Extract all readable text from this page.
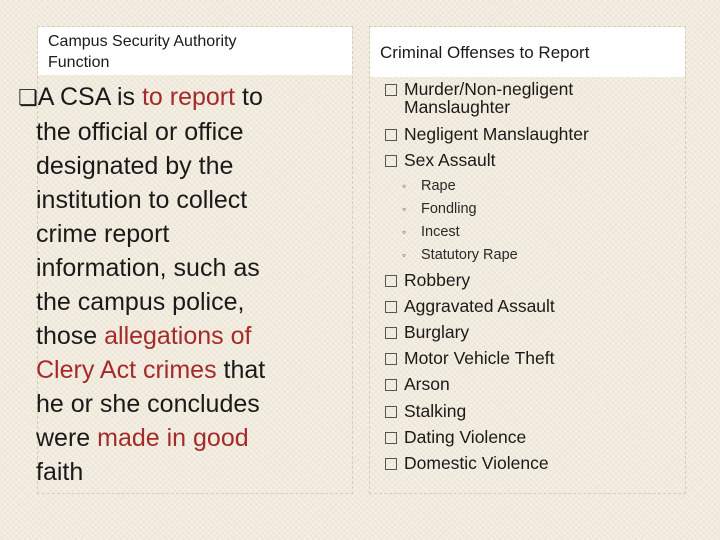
Campus Security Authority
Function
❏A CSA is to report to
the official or office
designated by the
institution to collect
crime report
information, such as
the campus police,
those allegations of
Clery Act crimes that
he or she concludes
were made in good
faith
Criminal Offenses to Report
Murder/Non-negligent
Manslaughter
Negligent Manslaughter
Sex Assault
◦ Rape
◦ Fondling
◦ Incest
◦ Statutory Rape
Robbery
Aggravated Assault
Burglary
Motor Vehicle Theft
Arson
Stalking
Dating Violence
Domestic Violence
